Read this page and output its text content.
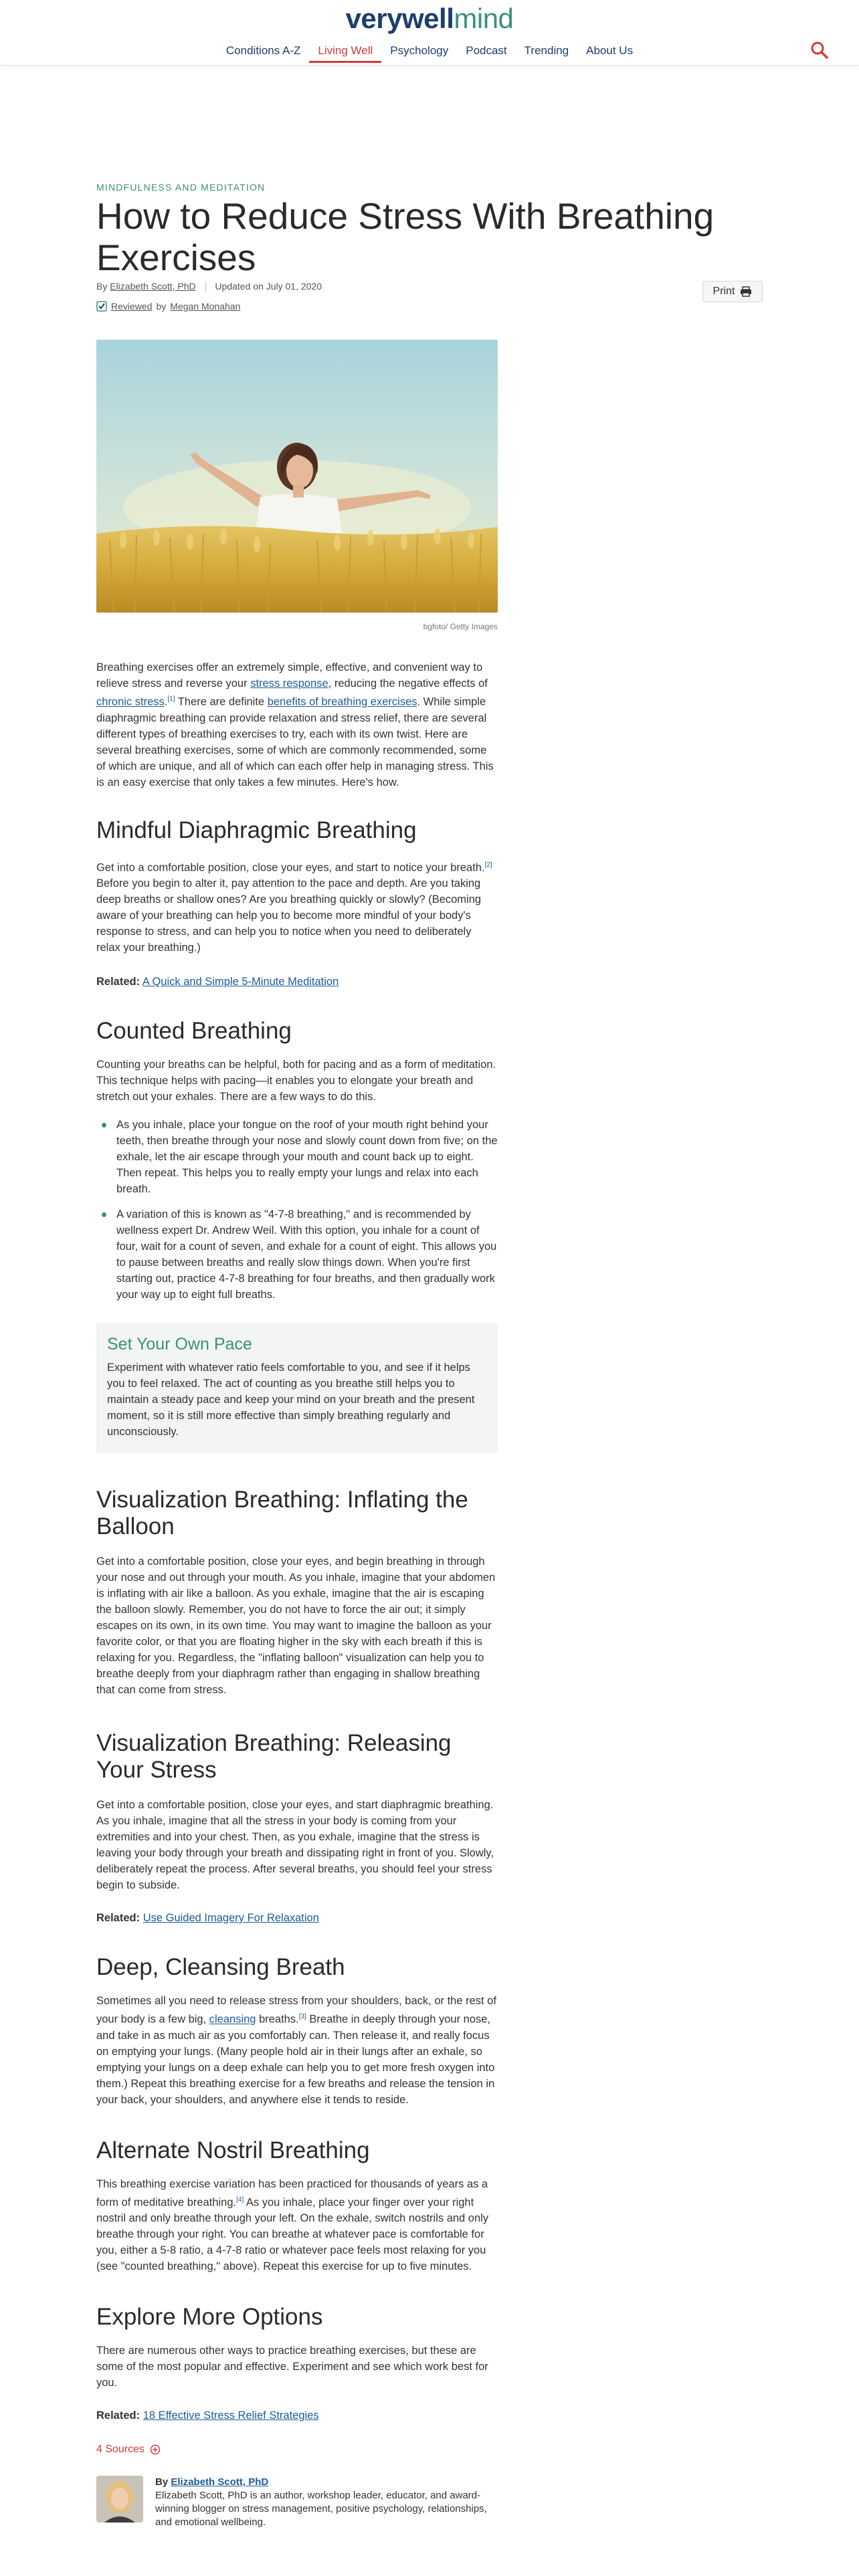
verywellmind
Conditions A-Z	Living Well	Psychology	Podcast	Trending	About Us
MINDFULNESS AND MEDITATION
How to Reduce Stress With Breathing Exercises
By Elizabeth Scott, PhD Updated on July 01, 2020
Reviewed by Megan Monahan
Print
bgfoto/ Getty Images

Breathing exercises offer an extremely simple, effective, and convenient way to relieve stress and reverse your stress response, reducing the negative effects of chronic stress.[1] There are definite benefits of breathing exercises. While simple diaphragmic breathing can provide relaxation and stress relief, there are several different types of breathing exercises to try, each with its own twist. Here are several breathing exercises, some of which are commonly recommended, some of which are unique, and all of which can each offer help in managing stress. This is an easy exercise that only takes a few minutes. Here's how.

Mindful Diaphragmic Breathing

Get into a comfortable position, close your eyes, and start to notice your breath.[2] Before you begin to alter it, pay attention to the pace and depth. Are you taking deep breaths or shallow ones? Are you breathing quickly or slowly? (Becoming aware of your breathing can help you to become more mindful of your body's response to stress, and can help you to notice when you need to deliberately relax your breathing.)

Related: A Quick and Simple 5-Minute Meditation
Counted Breathing

Counting your breaths can be helpful, both for pacing and as a form of meditation. This technique helps with pacing—it enables you to elongate your breath and stretch out your exhales. There are a few ways to do this.

As you inhale, place your tongue on the roof of your mouth right behind your teeth, then breathe through your nose and slowly count down from five; on the exhale, let the air escape through your mouth and count back up to eight. Then repeat. This helps you to really empty your lungs and relax into each breath.
A variation of this is known as "4-7-8 breathing," and is recommended by wellness expert Dr. Andrew Weil. With this option, you inhale for a count of four, wait for a count of seven, and exhale for a count of eight. This allows you to pause between breaths and really slow things down. When you're first starting out, practice 4-7-8 breathing for four breaths, and then gradually work your way up to eight full breaths.
Set Your Own Pace

Experiment with whatever ratio feels comfortable to you, and see if it helps you to feel relaxed. The act of counting as you breathe still helps you to maintain a steady pace and keep your mind on your breath and the present moment, so it is still more effective than simply breathing regularly and unconsciously.

Visualization Breathing: Inflating the Balloon

Get into a comfortable position, close your eyes, and begin breathing in through your nose and out through your mouth. As you inhale, imagine that your abdomen is inflating with air like a balloon. As you exhale, imagine that the air is escaping the balloon slowly. Remember, you do not have to force the air out; it simply escapes on its own, in its own time. You may want to imagine the balloon as your favorite color, or that you are floating higher in the sky with each breath if this is relaxing for you. Regardless, the "inflating balloon" visualization can help you to breathe deeply from your diaphragm rather than engaging in shallow breathing that can come from stress.

Visualization Breathing: Releasing Your Stress

Get into a comfortable position, close your eyes, and start diaphragmic breathing. As you inhale, imagine that all the stress in your body is coming from your extremities and into your chest. Then, as you exhale, imagine that the stress is leaving your body through your breath and dissipating right in front of you. Slowly, deliberately repeat the process. After several breaths, you should feel your stress begin to subside.

Related: Use Guided Imagery For Relaxation
Deep, Cleansing Breath

Sometimes all you need to release stress from your shoulders, back, or the rest of your body is a few big, cleansing breaths.[3] Breathe in deeply through your nose, and take in as much air as you comfortably can. Then release it, and really focus on emptying your lungs. (Many people hold air in their lungs after an exhale, so emptying your lungs on a deep exhale can help you to get more fresh oxygen into them.) Repeat this breathing exercise for a few breaths and release the tension in your back, your shoulders, and anywhere else it tends to reside.

Alternate Nostril Breathing

This breathing exercise variation has been practiced for thousands of years as a form of meditative breathing.[4] As you inhale, place your finger over your right nostril and only breathe through your left. On the exhale, switch nostrils and only breathe through your right. You can breathe at whatever pace is comfortable for you, either a 5-8 ratio, a 4-7-8 ratio or whatever pace feels most relaxing for you (see "counted breathing," above). Repeat this exercise for up to five minutes.

Explore More Options

There are numerous other ways to practice breathing exercises, but these are some of the most popular and effective. Experiment and see which work best for you.

Related: 18 Effective Stress Relief Strategies
4 Sources
By Elizabeth Scott, PhD
Elizabeth Scott, PhD is an author, workshop leader, educator, and award-winning blogger on stress management, positive psychology, relationships, and emotional wellbeing.
